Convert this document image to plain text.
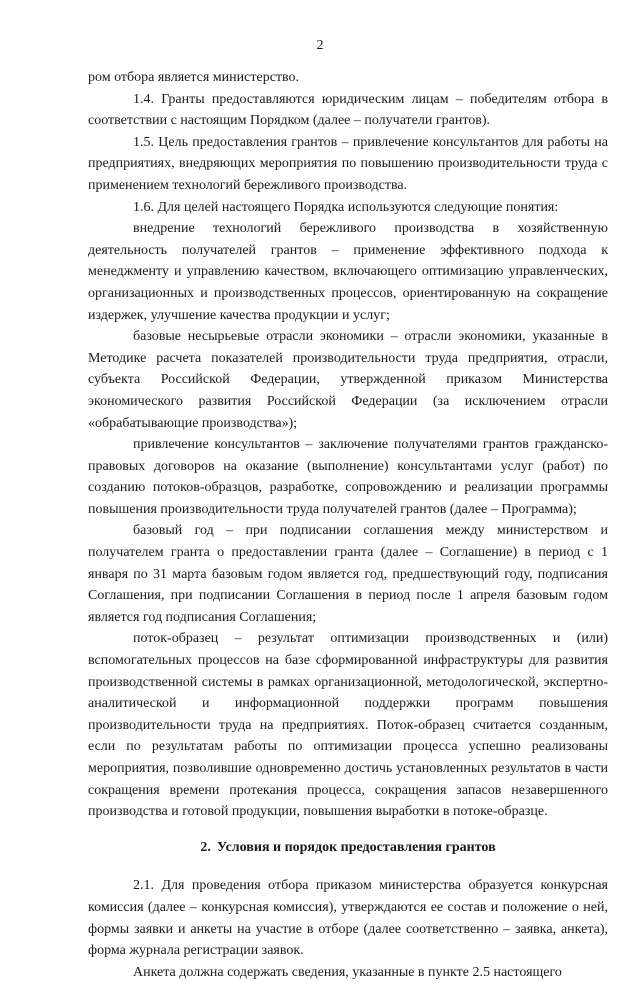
2

ром отбора является министерство.

1.4. Гранты предоставляются юридическим лицам – победителям отбора в соответствии с настоящим Порядком (далее – получатели грантов).

1.5. Цель предоставления грантов – привлечение консультантов для работы на предприятиях, внедряющих мероприятия по повышению производительности труда с применением технологий бережливого производства.

1.6. Для целей настоящего Порядка используются следующие понятия:

внедрение технологий бережливого производства в хозяйственную деятельность получателей грантов – применение эффективного подхода к менеджменту и управлению качеством, включающего оптимизацию управленческих, организационных и производственных процессов, ориентированную на сокращение издержек, улучшение качества продукции и услуг;

базовые несырьевые отрасли экономики – отрасли экономики, указанные в Методике расчета показателей производительности труда предприятия, отрасли, субъекта Российской Федерации, утвержденной приказом Министерства экономического развития Российской Федерации (за исключением отрасли «обрабатывающие производства»);

привлечение консультантов – заключение получателями грантов гражданско-правовых договоров на оказание (выполнение) консультантами услуг (работ) по созданию потоков-образцов, разработке, сопровождению и реализации программы повышения производительности труда получателей грантов (далее – Программа);

базовый год – при подписании соглашения между министерством и получателем гранта о предоставлении гранта (далее – Соглашение) в период с 1 января по 31 марта базовым годом является год, предшествующий году, подписания Соглашения, при подписании Соглашения в период после 1 апреля базовым годом является год подписания Соглашения;

поток-образец – результат оптимизации производственных и (или) вспомогательных процессов на базе сформированной инфраструктуры для развития производственной системы в рамках организационной, методологической, экспертно-аналитической и информационной поддержки программ повышения производительности труда на предприятиях. Поток-образец считается созданным, если по результатам работы по оптимизации процесса успешно реализованы мероприятия, позволившие одновременно достичь установленных результатов в части сокращения времени протекания процесса, сокращения запасов незавершенного производства и готовой продукции, повышения выработки в потоке-образце.

2. Условия и порядок предоставления грантов

2.1. Для проведения отбора приказом министерства образуется конкурсная комиссия (далее – конкурсная комиссия), утверждаются ее состав и положение о ней, формы заявки и анкеты на участие в отборе (далее соответственно – заявка, анкета), форма журнала регистрации заявок.

Анкета должна содержать сведения, указанные в пункте 2.5 настоящего
